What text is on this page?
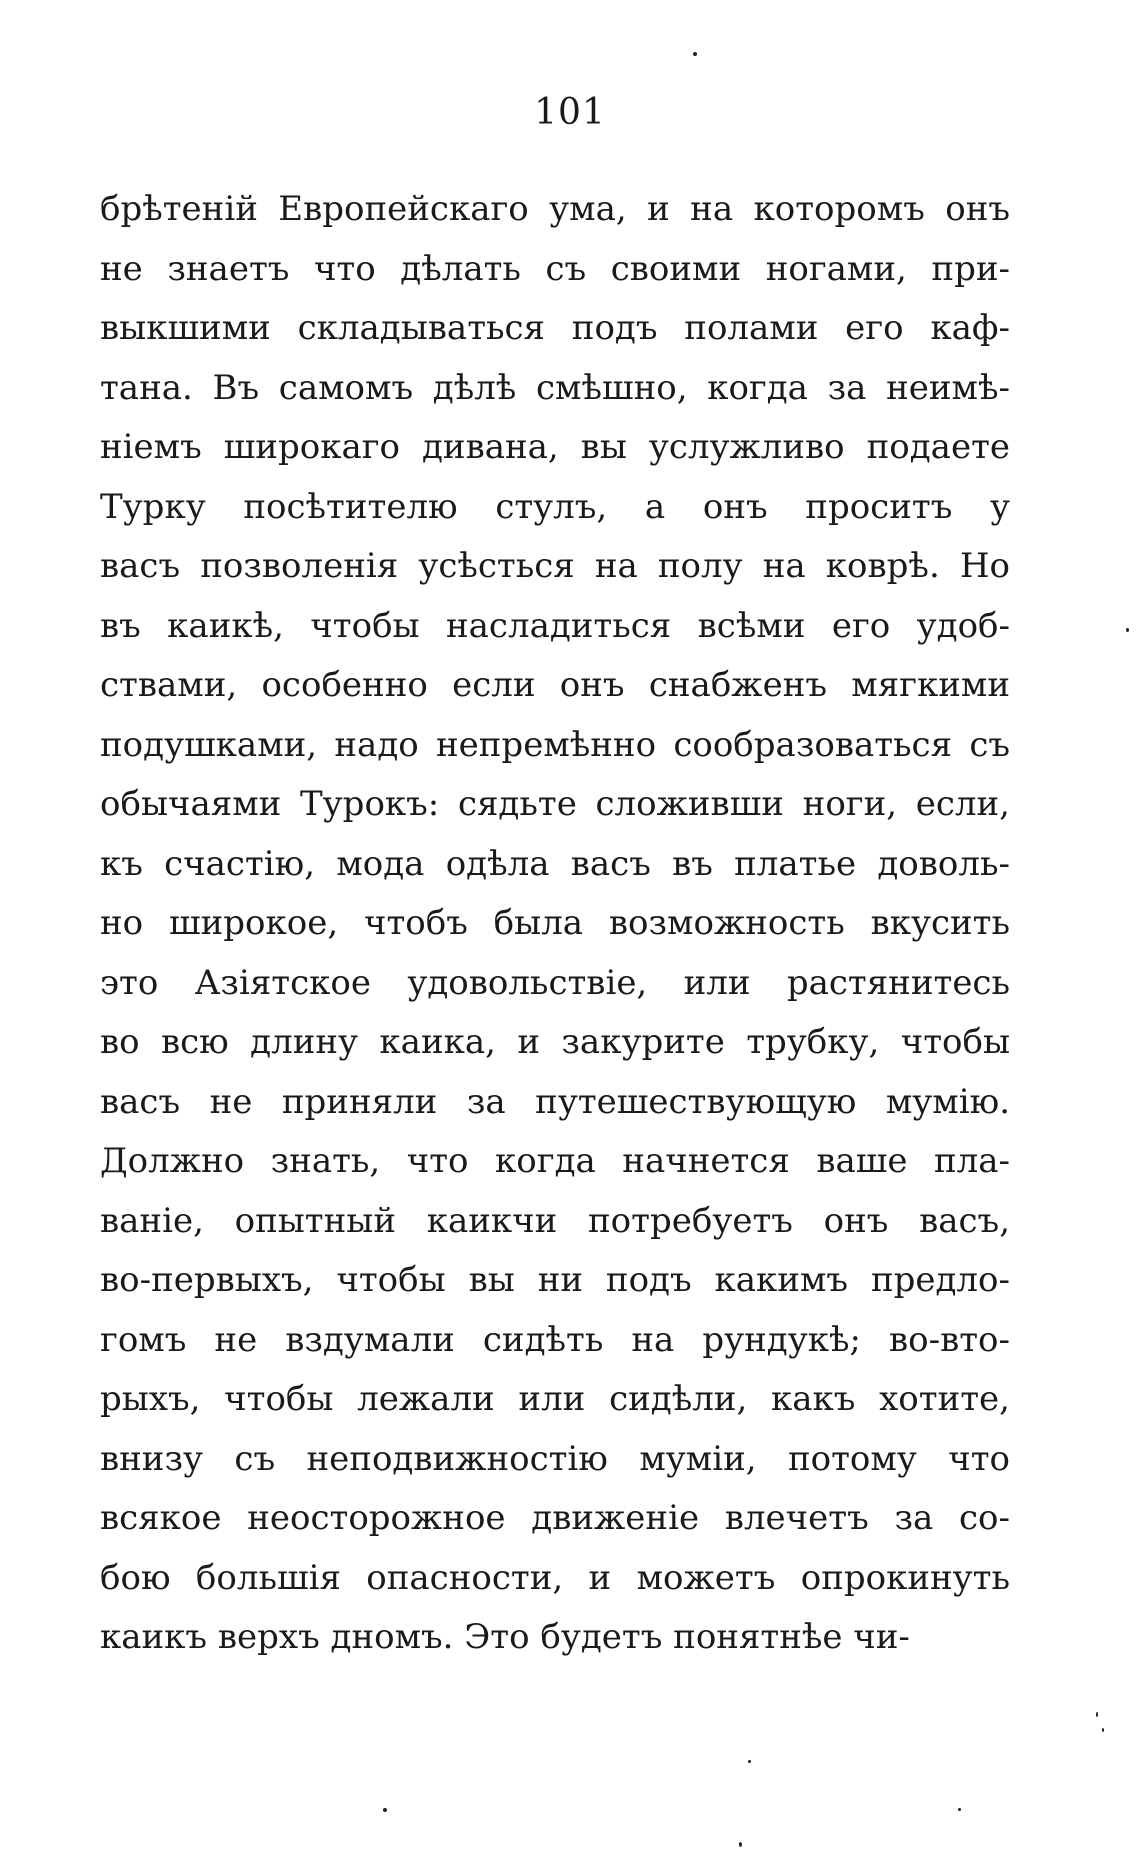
101
брѣтенiй Европейскаго ума, и на которомъ онъ
не знаетъ что дѣлать съ своими ногами, при-
выкшими складываться подъ полами его каф-
тана. Въ самомъ дѣлѣ смѣшно, когда за неимѣ-
нiемъ широкаго дивана, вы услужливо подаете
Турку посѣтителю стулъ, а онъ проситъ у
васъ позволенiя усѣсться на полу на коврѣ. Но
въ каикѣ, чтобы насладиться всѣми его удоб-
ствами, особенно если онъ снабженъ мягкими
подушками, надо непремѣнно сообразоваться съ
обычаями Турокъ: сядьте сложивши ноги, если,
къ счастiю, мода одѣла васъ въ платье доволь-
но широкое, чтобъ была возможность вкусить
это Азiятское удовольствiе, или растянитесь
во всю длину каика, и закурите трубку, чтобы
васъ не приняли за путешествующую мумiю.
Должно знать, что когда начнется ваше пла-
ванiе, опытный каикчи потребуетъ онъ васъ,
во-первыхъ, чтобы вы ни подъ какимъ предло-
гомъ не вздумали сидѣть на рундукѣ; во-вто-
рыхъ, чтобы лежали или сидѣли, какъ хотите,
внизу съ неподвижностiю мумiи, потому что
всякое неосторожное движенiе влечетъ за со-
бою большiя опасности, и можетъ опрокинуть
каикъ верхъ дномъ. Это будетъ понятнѣе чи-
